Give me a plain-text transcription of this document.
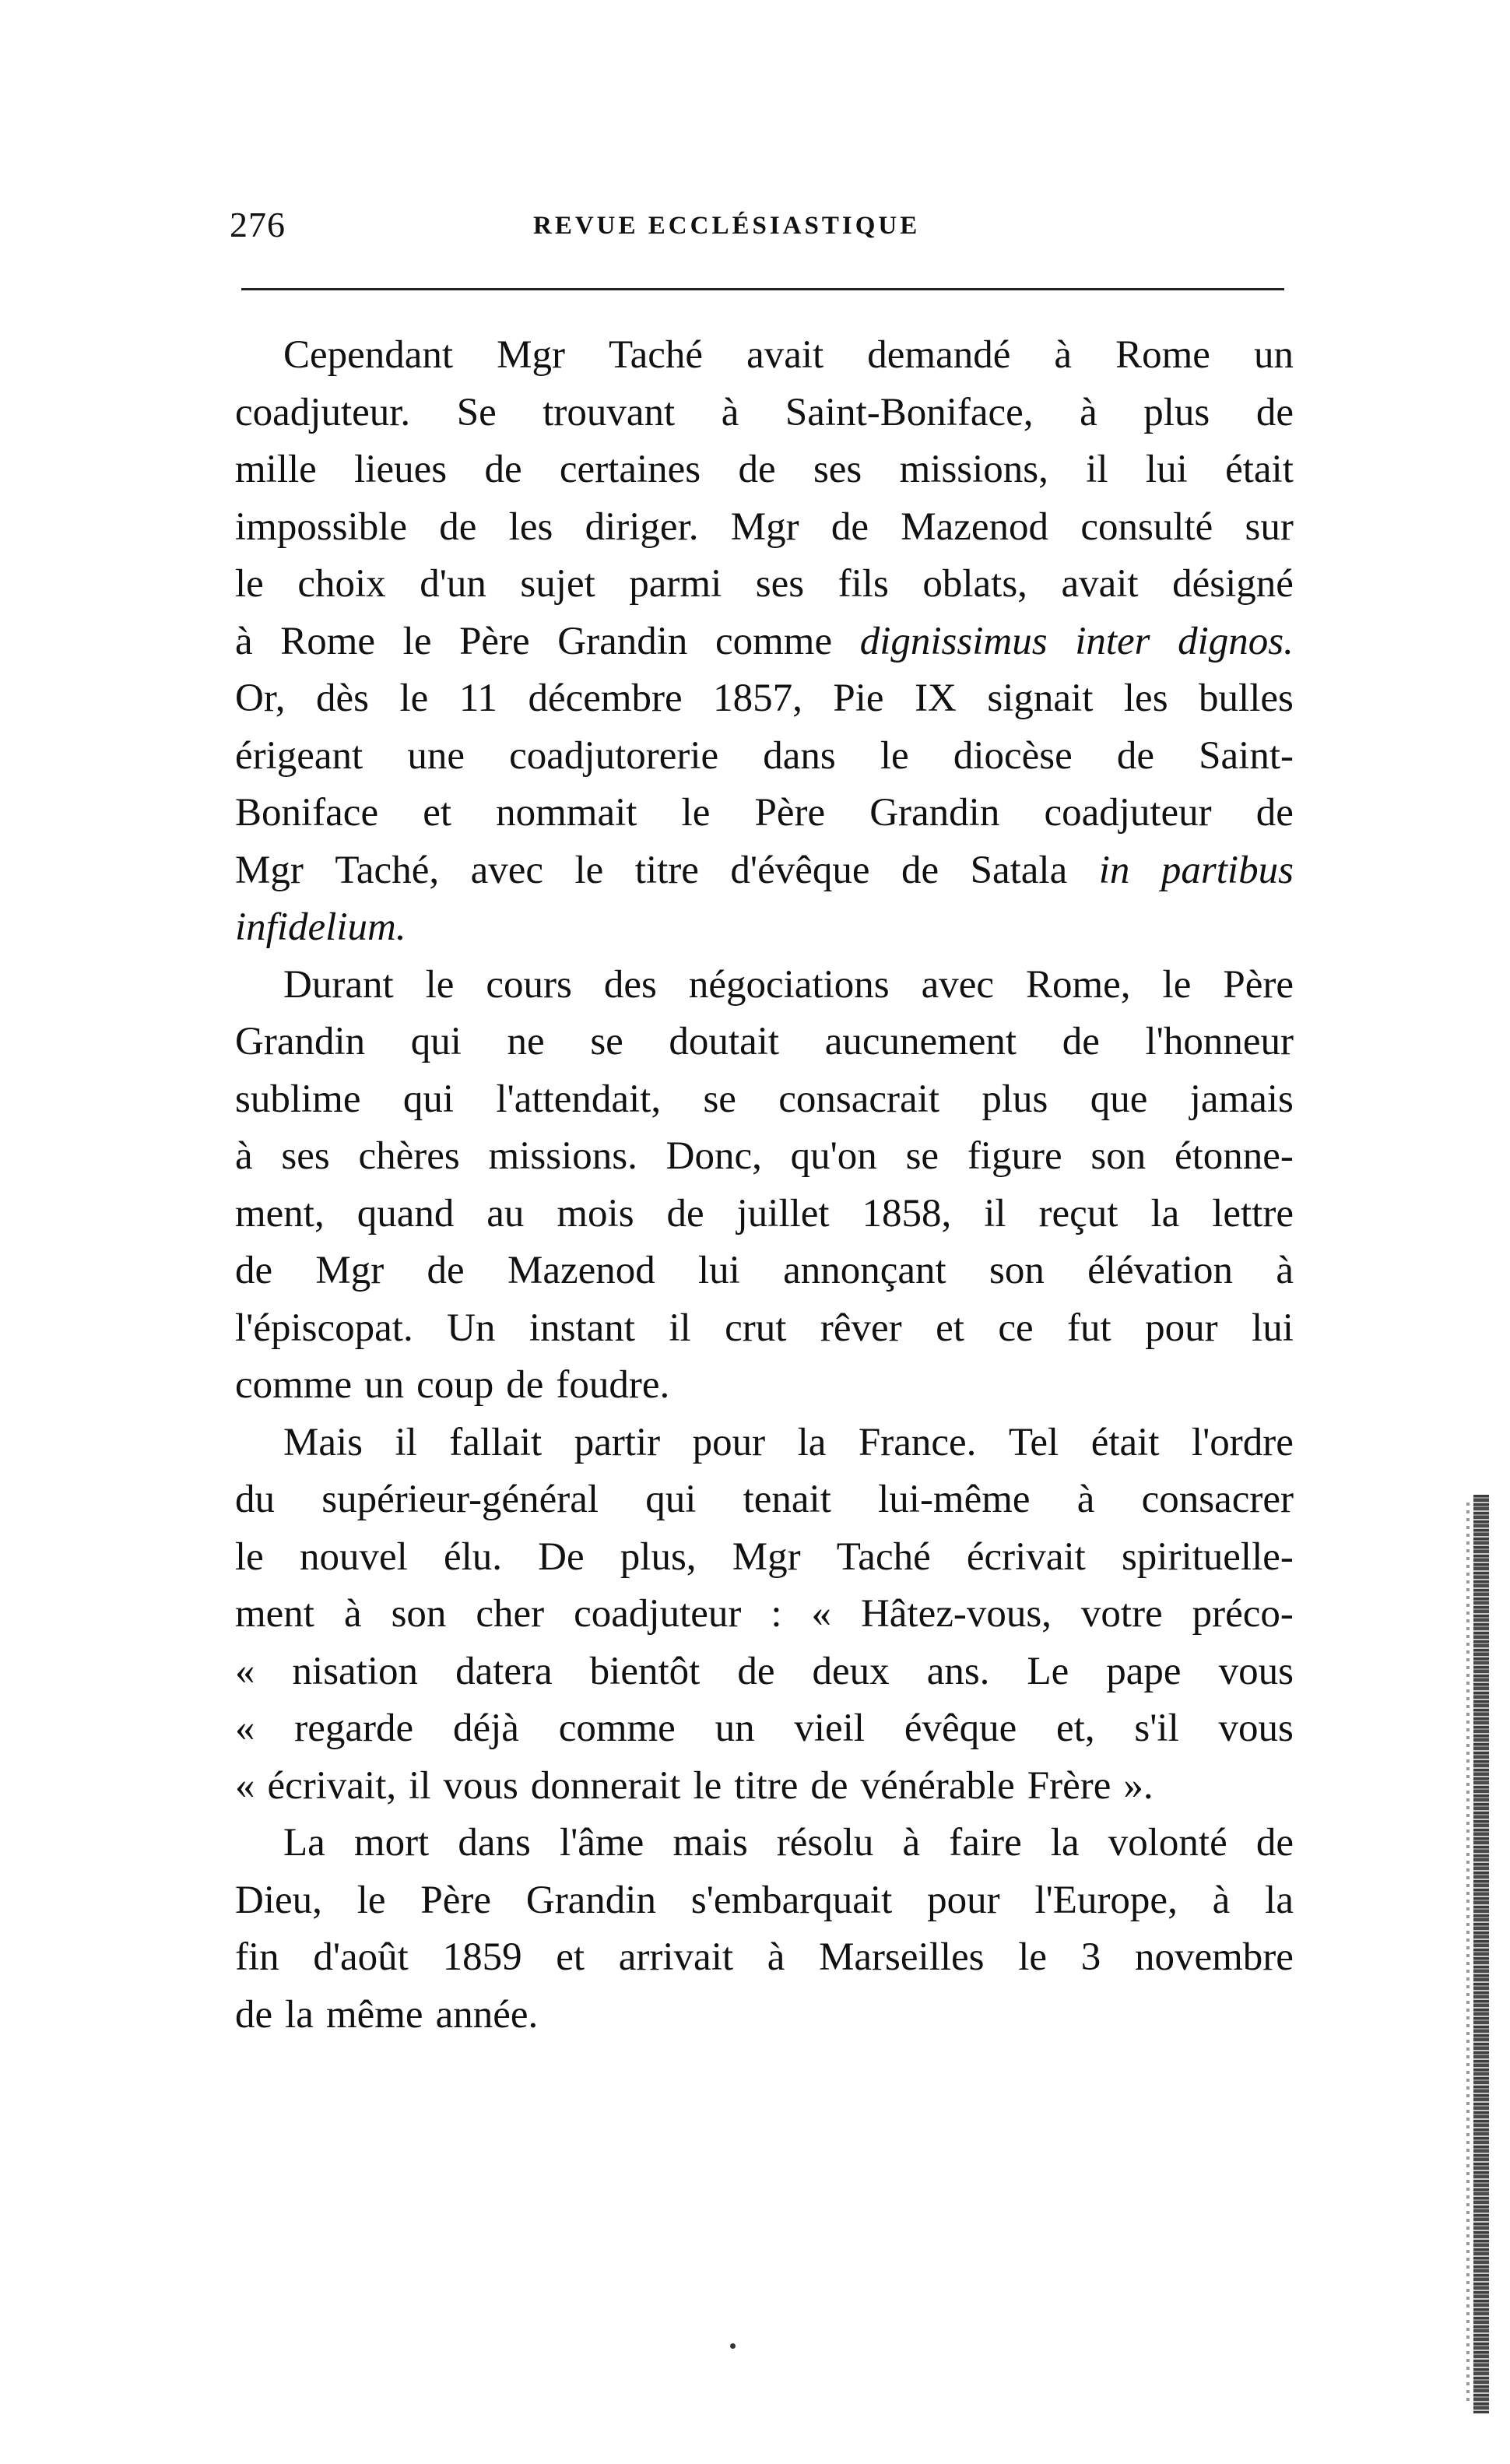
276	REVUE ECCLÉSIASTIQUE
Cependant Mgr Taché avait demandé à Rome un
coadjuteur. Se trouvant à Saint-Boniface, à plus de
mille lieues de certaines de ses missions, il lui était
impossible de les diriger. Mgr de Mazenod consulté sur
le choix d'un sujet parmi ses fils oblats, avait désigné
à Rome le Père Grandin comme dignissimus inter dignos.
Or, dès le 11 décembre 1857, Pie IX signait les bulles
érigeant une coadjutorerie dans le diocèse de Saint-
Boniface et nommait le Père Grandin coadjuteur de
Mgr Taché, avec le titre d'évêque de Satala in partibus
infidelium.
Durant le cours des négociations avec Rome, le Père
Grandin qui ne se doutait aucunement de l'honneur
sublime qui l'attendait, se consacrait plus que jamais
à ses chères missions. Donc, qu'on se figure son étonne-
ment, quand au mois de juillet 1858, il reçut la lettre
de Mgr de Mazenod lui annonçant son élévation à
l'épiscopat. Un instant il crut rêver et ce fut pour lui
comme un coup de foudre.
Mais il fallait partir pour la France. Tel était l'ordre
du supérieur-général qui tenait lui-même à consacrer
le nouvel élu. De plus, Mgr Taché écrivait spirituelle-
ment à son cher coadjuteur : « Hâtez-vous, votre préco-
« nisation datera bientôt de deux ans. Le pape vous
« regarde déjà comme un vieil évêque et, s'il vous
« écrivait, il vous donnerait le titre de vénérable Frère ».
La mort dans l'âme mais résolu à faire la volonté de
Dieu, le Père Grandin s'embarquait pour l'Europe, à la
fin d'août 1859 et arrivait à Marseilles le 3 novembre
de la même année.
